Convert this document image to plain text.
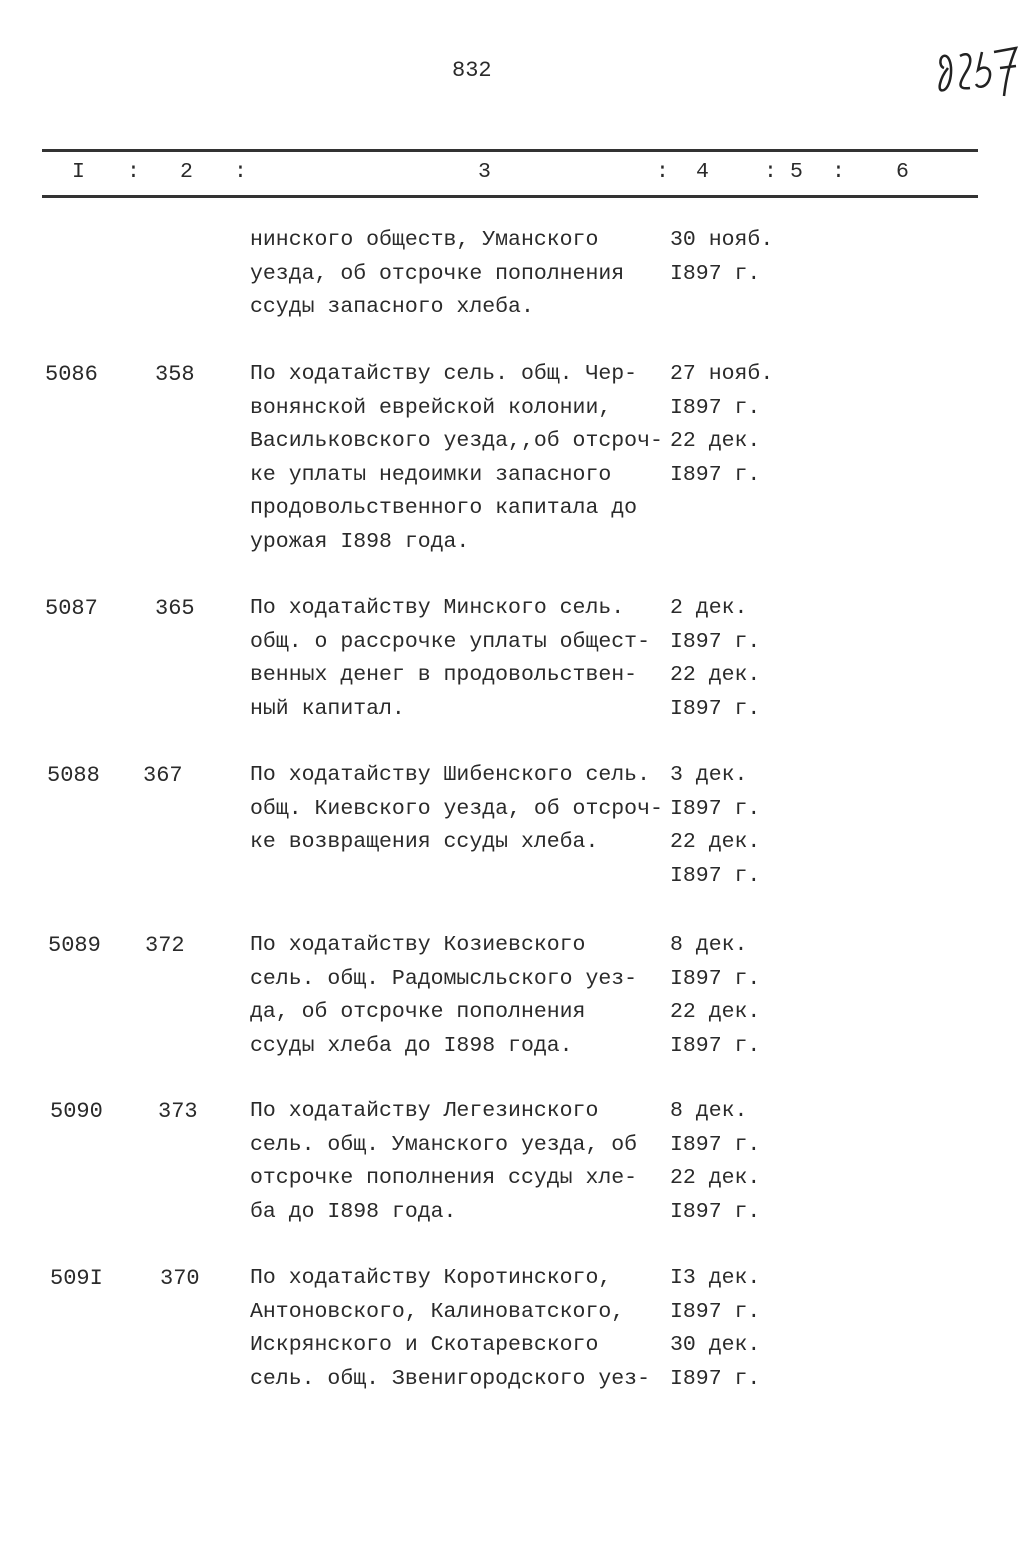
832
I : 2 :	3	: 4	: 5 : 6
нинского обществ, Уманского
уезда, об отсрочке пополнения
ссуды запасного хлеба.
30 нояб.
I897 г.
5086	358	По ходатайству сель. общ. Чер-
вонянской еврейской колонии,
Васильковского уезда,,об отсроч-
ке уплаты недоимки запасного
продовольственного капитала до
урожая I898 года.
27 нояб.
I897 г.
22 дек.
I897 г.
5087	365	По ходатайству Минского сель.
общ. о рассрочке уплаты общест-
венных денег в продовольствен-
ный капитал.
2 дек.
I897 г.
22 дек.
I897 г.
5088 367	По ходатайству Шибенского сель.
общ. Киевского уезда, об отсроч-
ке возвращения ссуды хлеба.
3 дек.
I897 г.
22 дек.
I897 г.
5089 372	По ходатайству Козиевского
сель. общ. Радомысльского уез-
да, об отсрочке пополнения
ссуды хлеба до I898 года.
8 дек.
I897 г.
22 дек.
I897 г.
5090	373 По ходатайству Легезинского
сель. общ. Уманского уезда, об
отсрочке пополнения ссуды хле-
ба до I898 года.
8 дек.
I897 г.
22 дек.
I897 г.
509I	370 По ходатайству Коротинского,
Антоновского, Калиноватского,
Искрянского и Скотаревского
сель. общ. Звенигородского уез-
I3 дек.
I897 г.
30 дек.
I897 г.
